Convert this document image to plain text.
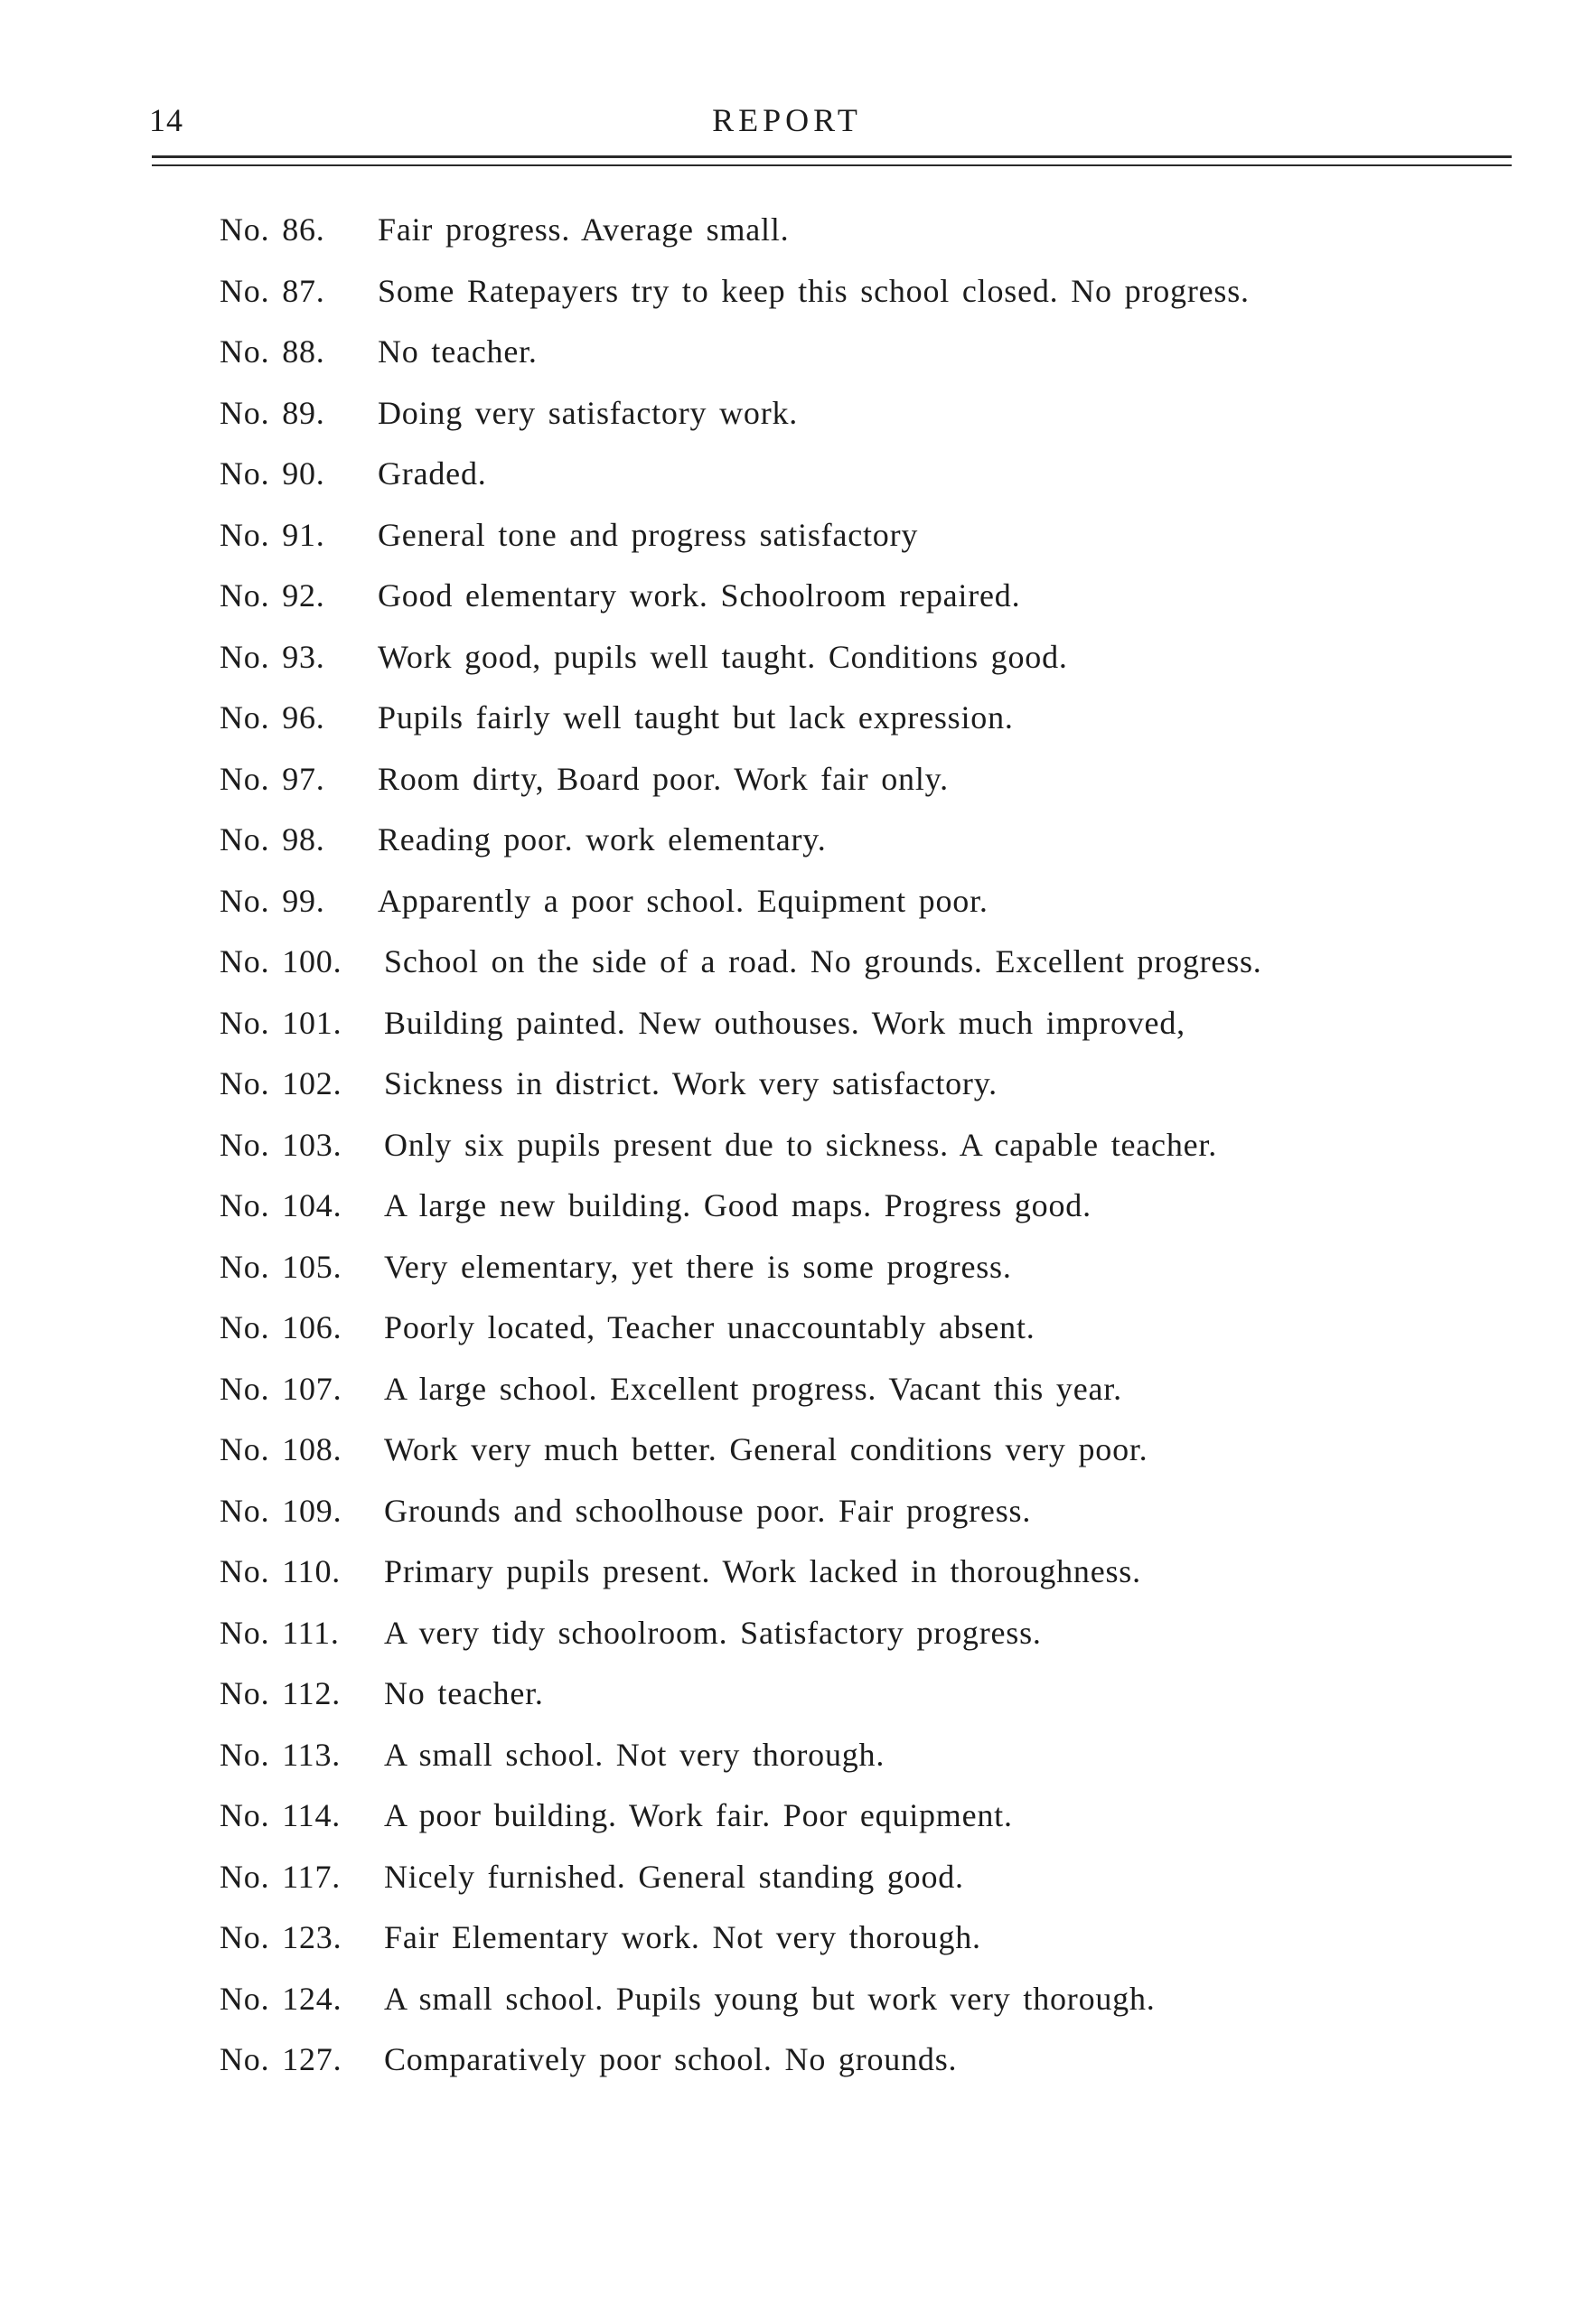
14	REPORT
No. 86. Fair progress. Average small.
No. 87. Some Ratepayers try to keep this school closed. No progress.
No. 88. No teacher.
No. 89. Doing very satisfactory work.
No. 90. Graded.
No. 91. General tone and progress satisfactory
No. 92. Good elementary work. Schoolroom repaired.
No. 93. Work good, pupils well taught. Conditions good.
No. 96. Pupils fairly well taught but lack expression.
No. 97. Room dirty, Board poor. Work fair only.
No. 98. Reading poor. work elementary.
No. 99. Apparently a poor school. Equipment poor.
No. 100. School on the side of a road. No grounds. Excellent progress.
No. 101. Building painted. New outhouses. Work much improved,
No. 102. Sickness in district. Work very satisfactory.
No. 103. Only six pupils present due to sickness. A capable teacher.
No. 104. A large new building. Good maps. Progress good.
No. 105. Very elementary, yet there is some progress.
No. 106. Poorly located, Teacher unaccountably absent.
No. 107. A large school. Excellent progress. Vacant this year.
No. 108. Work very much better. General conditions very poor.
No. 109. Grounds and schoolhouse poor. Fair progress.
No. 110. Primary pupils present. Work lacked in thoroughness.
No. 111. A very tidy schoolroom. Satisfactory progress.
No. 112. No teacher.
No. 113. A small school. Not very thorough.
No. 114. A poor building. Work fair. Poor equipment.
No. 117. Nicely furnished. General standing good.
No. 123. Fair Elementary work. Not very thorough.
No. 124. A small school. Pupils young but work very thorough.
No. 127. Comparatively poor school. No grounds.
